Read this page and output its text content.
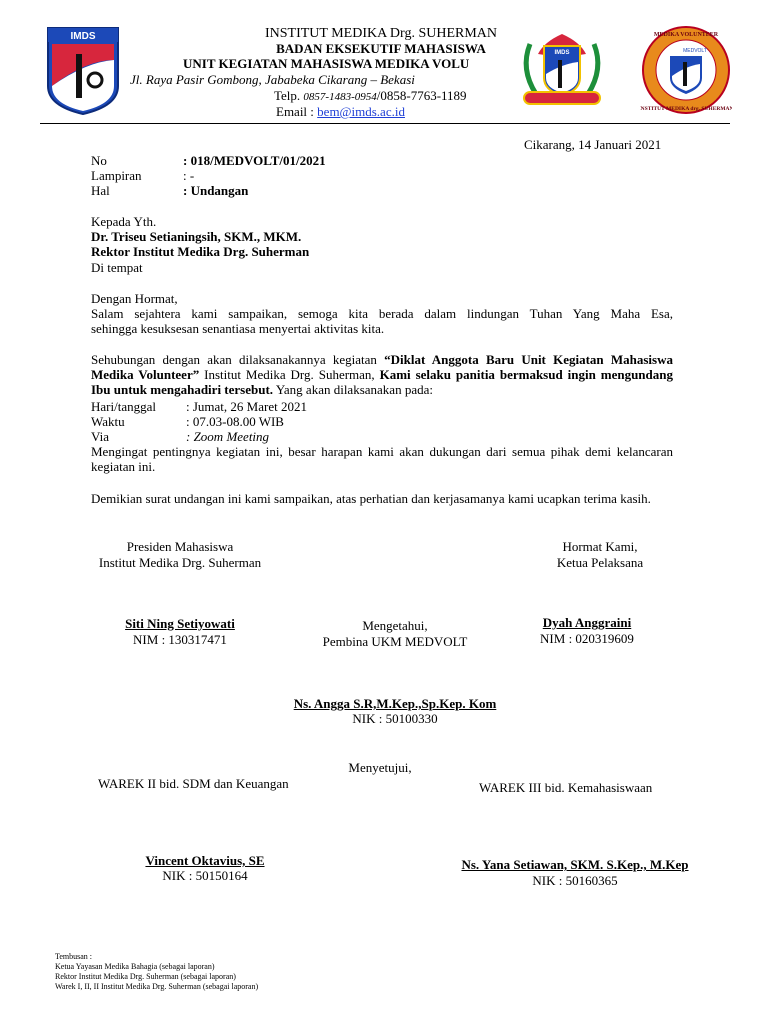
IMDS
IMDS	MEDVOLT
MEDIKA VOLUNTEER
INSTITUT MEDIKA drg. SUHERMAN
INSTITUT MEDIKA Drg. SUHERMAN
BADAN EKSEKUTIF MAHASISWA
UNIT KEGIATAN MAHASISWA MEDIKA VOLU
Jl. Raya Pasir Gombong, Jababeka Cikarang – Bekasi
Telp. 0857-1483-0954/0858-7763-1189
Email : bem@imds.ac.id
Cikarang, 14 Januari 2021
No	: 018/MEDVOLT/01/2021
Lampiran	: -
Hal	: Undangan
Kepada Yth.
Dr. Triseu Setianingsih, SKM., MKM.
Rektor Institut Medika Drg. Suherman
Di tempat
Dengan Hormat,
Salam sejahtera kami sampaikan, semoga kita berada dalam lindungan Tuhan Yang Maha Esa,
sehingga kesuksesan senantiasa menyertai aktivitas kita.
Sehubungan dengan akan dilaksanakannya kegiatan “Diklat Anggota Baru Unit Kegiatan Mahasiswa Medika Volunteer” Institut Medika Drg. Suherman, Kami selaku panitia bermaksud ingin mengundang Ibu untuk mengahadiri tersebut. Yang akan dilaksanakan pada:
Hari/tanggal : Jumat, 26 Maret 2021
Waktu	: 07.03-08.00 WIB
Via	: Zoom Meeting
Mengingat pentingnya kegiatan ini, besar harapan kami akan dukungan dari semua pihak demi kelancaran kegiatan ini.
Demikian surat undangan ini kami sampaikan, atas perhatian dan kerjasamanya kami ucapkan terima kasih.
Presiden Mahasiswa
Institut Medika Drg. Suherman
Hormat Kami,
Ketua Pelaksana
Siti Ning Setiyowati
NIM : 130317471
Mengetahui,
Pembina UKM MEDVOLT
Dyah Anggraini
NIM : 020319609
Ns. Angga S.R,M.Kep.,Sp.Kep. Kom
NIK : 50100330
Menyetujui,
WAREK II bid. SDM dan Keuangan	WAREK III bid. Kemahasiswaan
Vincent Oktavius, SE
NIK : 50150164
Ns. Yana Setiawan, SKM. S.Kep., M.Kep
NIK : 50160365
Tembusan :
Ketua Yayasan Medika Bahagia (sebagai laporan)
Rektor Institut Medika Drg. Suherman (sebagai laporan)
Warek I, II, II Institut Medika Drg. Suherman (sebagai laporan)
